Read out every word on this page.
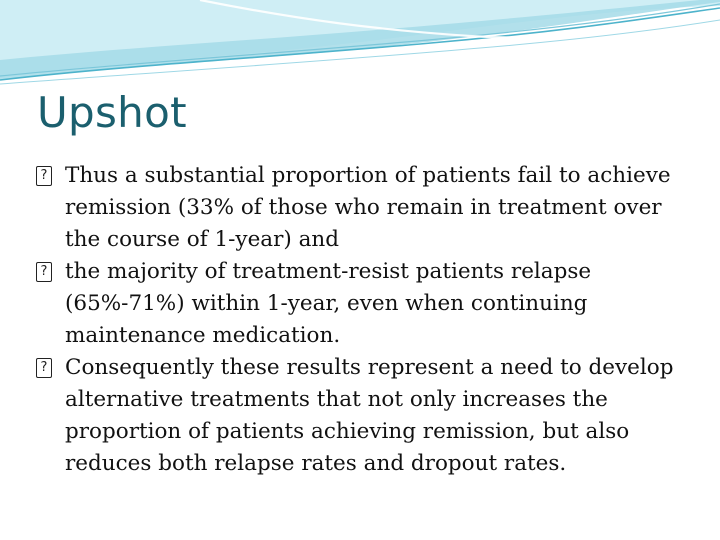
Upshot
? Thus a substantial proportion of patients fail to achieve remission (33% of those who remain in treatment over the course of 1-year) and
? the majority of treatment-resist patients relapse (65%-71%) within 1-year, even when continuing maintenance medication.
? Consequently these results represent a need to develop alternative treatments that not only increases the proportion of patients achieving remission, but also reduces both relapse rates and dropout rates.
